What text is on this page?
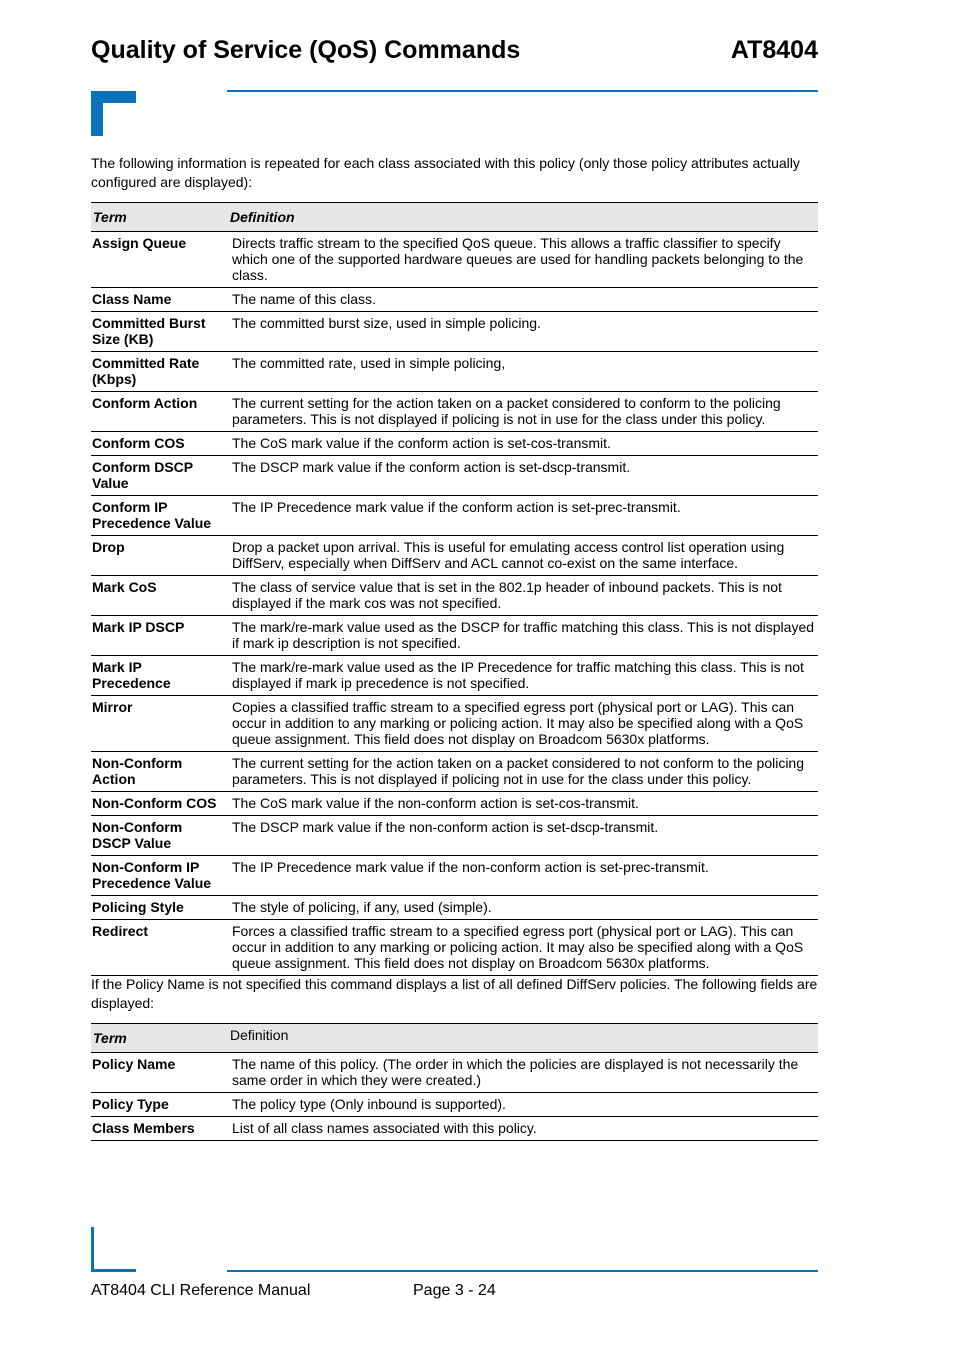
Quality of Service (QoS) Commands	AT8404

The following information is repeated for each class associated with this policy (only those policy attributes actually configured are displayed):

Term	Definition
Assign Queue	Directs traffic stream to the specified QoS queue. This allows a traffic classifier to specify which one of the supported hardware queues are used for handling packets belonging to the class.
Class Name	The name of this class.
Committed Burst Size (KB)	The committed burst size, used in simple policing.
Committed Rate (Kbps)	The committed rate, used in simple policing,
Conform Action	The current setting for the action taken on a packet considered to conform to the policing parameters. This is not displayed if policing is not in use for the class under this policy.
Conform COS	The CoS mark value if the conform action is set-cos-transmit.
Conform DSCP Value	The DSCP mark value if the conform action is set-dscp-transmit.
Conform IP Precedence Value	The IP Precedence mark value if the conform action is set-prec-transmit.
Drop	Drop a packet upon arrival. This is useful for emulating access control list operation using DiffServ, especially when DiffServ and ACL cannot co-exist on the same interface.
Mark CoS	The class of service value that is set in the 802.1p header of inbound packets. This is not displayed if the mark cos was not specified.
Mark IP DSCP	The mark/re-mark value used as the DSCP for traffic matching this class. This is not displayed if mark ip description is not specified.
Mark IP Precedence	The mark/re-mark value used as the IP Precedence for traffic matching this class. This is not displayed if mark ip precedence is not specified.
Mirror	Copies a classified traffic stream to a specified egress port (physical port or LAG). This can occur in addition to any marking or policing action. It may also be specified along with a QoS queue assignment. This field does not display on Broadcom 5630x platforms.
Non-Conform Action	The current setting for the action taken on a packet considered to not conform to the policing parameters. This is not displayed if policing not in use for the class under this policy.
Non-Conform COS	The CoS mark value if the non-conform action is set-cos-transmit.
Non-Conform DSCP Value	The DSCP mark value if the non-conform action is set-dscp-transmit.
Non-Conform IP Precedence Value	The IP Precedence mark value if the non-conform action is set-prec-transmit.
Policing Style	The style of policing, if any, used (simple).
Redirect	Forces a classified traffic stream to a specified egress port (physical port or LAG). This can occur in addition to any marking or policing action. It may also be specified along with a QoS queue assignment. This field does not display on Broadcom 5630x platforms.

If the Policy Name is not specified this command displays a list of all defined DiffServ policies. The following fields are displayed:

Term	Definition
Policy Name	The name of this policy. (The order in which the policies are displayed is not necessarily the same order in which they were created.)
Policy Type	The policy type (Only inbound is supported).
Class Members	List of all class names associated with this policy.
AT8404 CLI Reference Manual	Page 3 - 24
